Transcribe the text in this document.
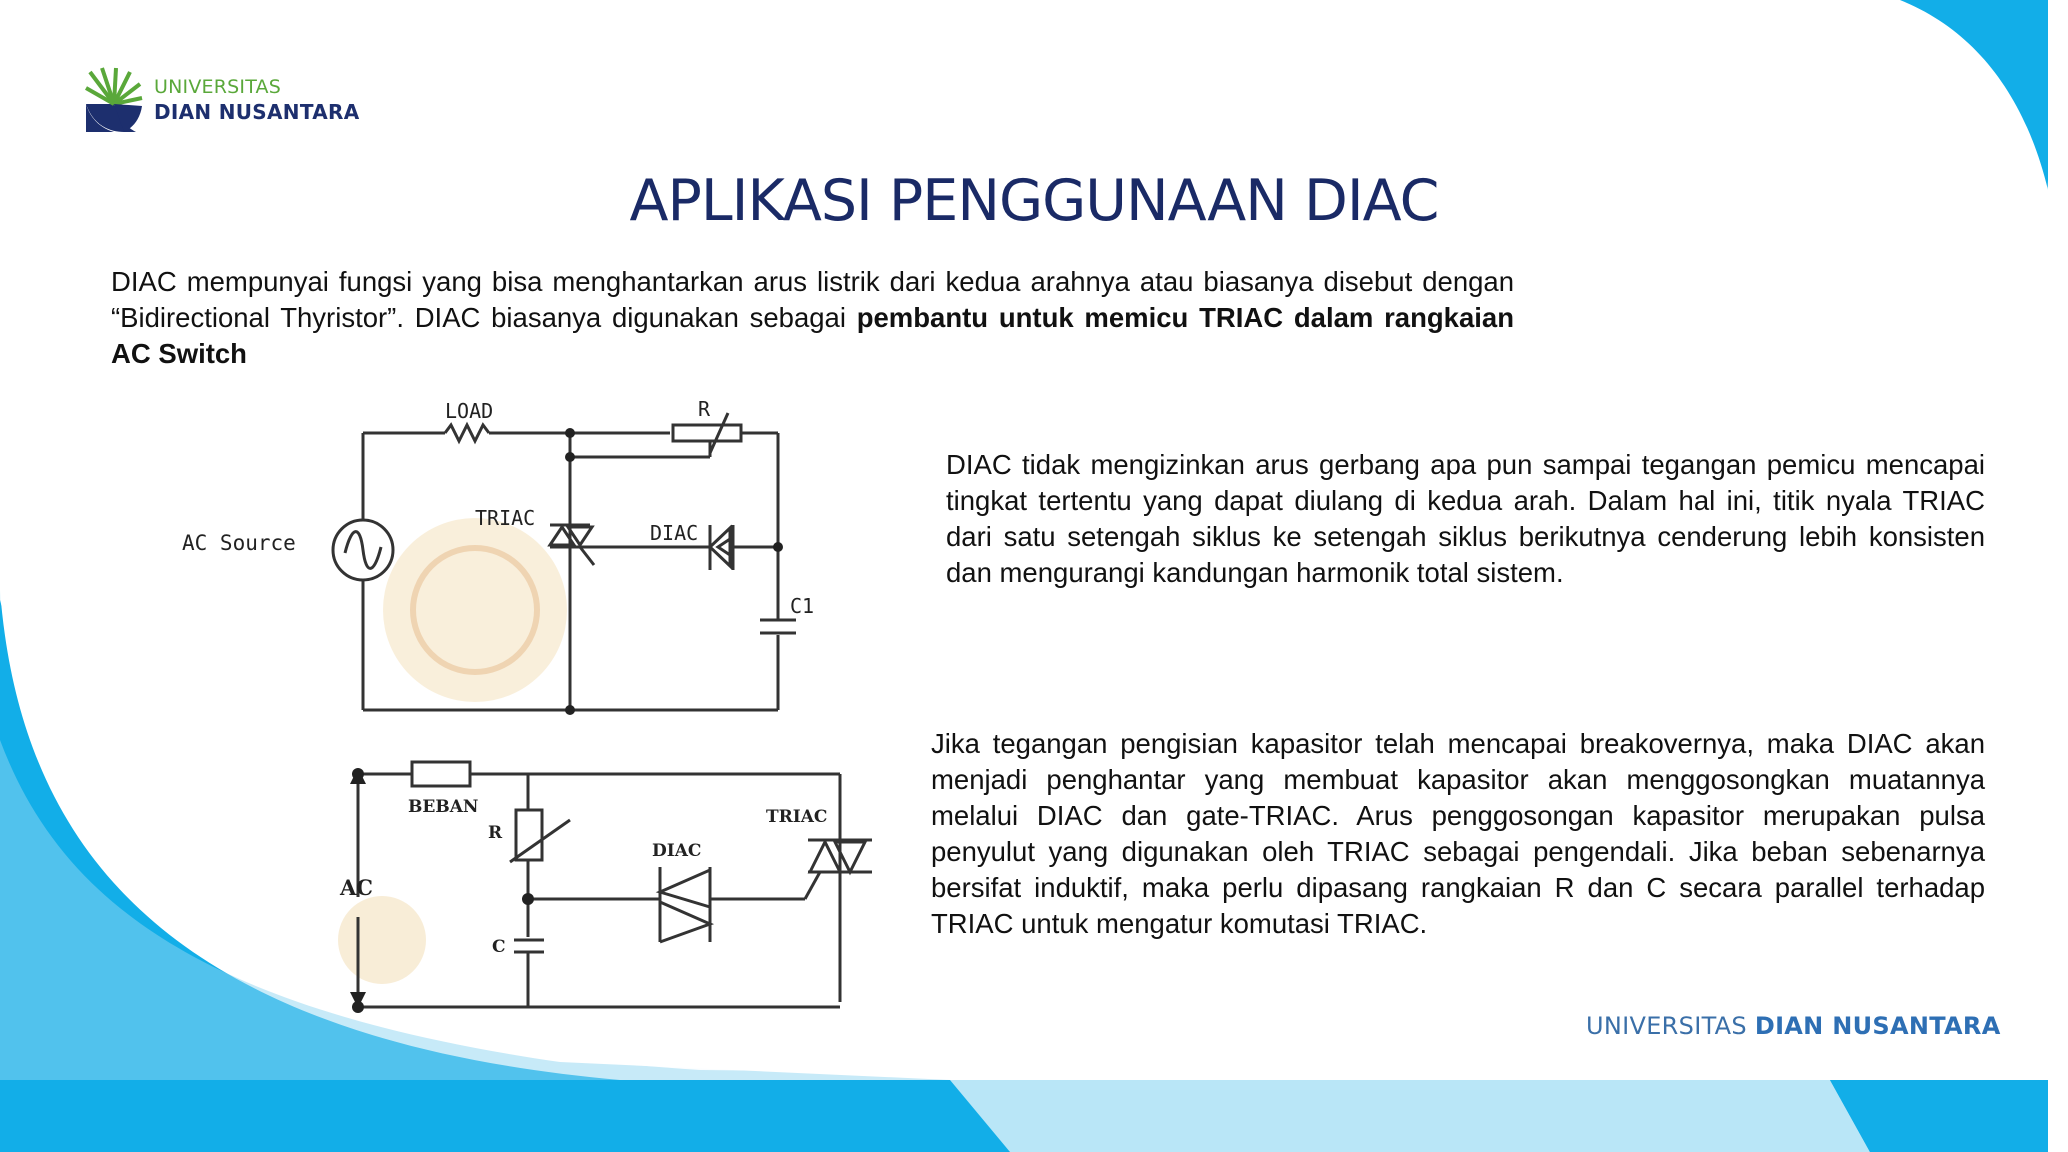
UNIVERSITAS
DIAN NUSANTARA
APLIKASI PENGGUNAAN DIAC
DIAC mempunyai fungsi yang bisa menghantarkan arus listrik dari kedua arahnya atau biasanya disebut dengan “Bidirectional Thyristor”. DIAC biasanya digunakan sebagai pembantu untuk memicu TRIAC dalam rangkaian AC Switch
LOAD	R
TRIAC
DIAC
AC Source
C1
BEBAN
R
DIAC
TRIAC
AC
C
DIAC tidak mengizinkan arus gerbang apa pun sampai tegangan pemicu mencapai tingkat tertentu yang dapat diulang di kedua arah. Dalam hal ini, titik nyala TRIAC dari satu setengah siklus ke setengah siklus berikutnya cenderung lebih konsisten dan mengurangi kandungan harmonik total sistem.
Jika tegangan pengisian kapasitor telah mencapai breakovernya, maka DIAC akan menjadi penghantar yang membuat kapasitor akan menggosongkan muatannya melalui DIAC dan gate-TRIAC. Arus penggosongan kapasitor merupakan pulsa penyulut yang digunakan oleh TRIAC sebagai pengendali. Jika beban sebenarnya bersifat induktif, maka perlu dipasang rangkaian R dan C secara parallel terhadap TRIAC untuk mengatur komutasi TRIAC.
UNIVERSITAS DIAN NUSANTARA
